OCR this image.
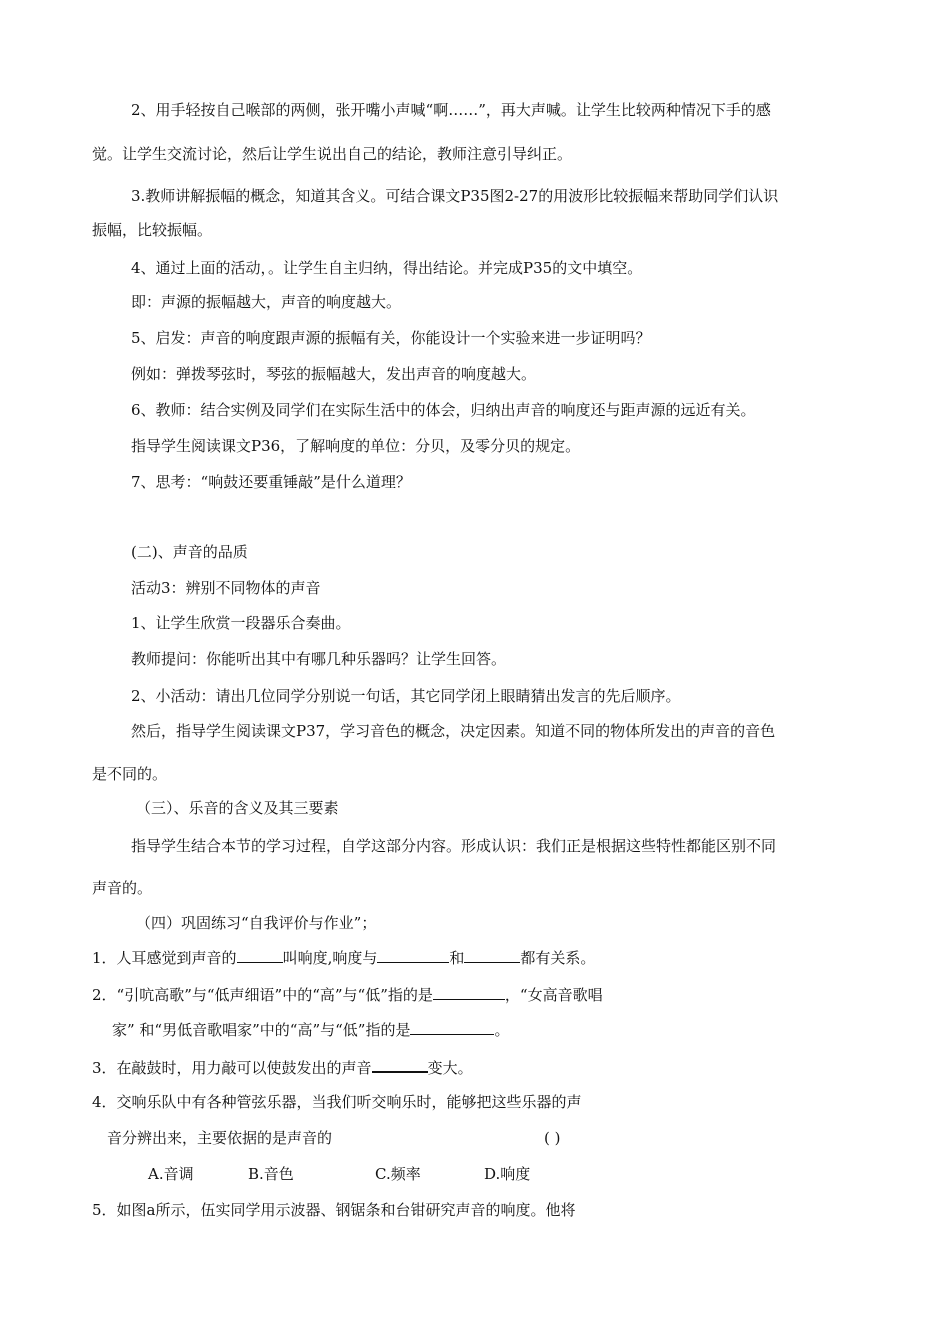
2、用手轻按自己喉部的两侧，张开嘴小声喊“啊……”，再大声喊。让学生比较两种情况下手的感
觉。让学生交流讨论，然后让学生说出自己的结论，教师注意引导纠正。
3.教师讲解振幅的概念，知道其含义。可结合课文P35图2-27的用波形比较振幅来帮助同学们认识
振幅，比较振幅。
4、通过上面的活动，。让学生自主归纳，得出结论。并完成P35的文中填空。
即：声源的振幅越大，声音的响度越大。
5、启发：声音的响度跟声源的振幅有关，你能设计一个实验来进一步证明吗？
例如：弹拨琴弦时，琴弦的振幅越大，发出声音的响度越大。
6、教师：结合实例及同学们在实际生活中的体会，归纳出声音的响度还与距声源的远近有关。
指导学生阅读课文P36，了解响度的单位：分贝，及零分贝的规定。
7、思考：“响鼓还要重锤敲”是什么道理？
(二)、声音的品质
活动3：辨别不同物体的声音
1、让学生欣赏一段器乐合奏曲。
教师提问：你能听出其中有哪几种乐器吗？让学生回答。
2、小活动：请出几位同学分别说一句话，其它同学闭上眼睛猜出发言的先后顺序。
然后，指导学生阅读课文P37，学习音色的概念，决定因素。知道不同的物体所发出的声音的音色
是不同的。
（三）、乐音的含义及其三要素
指导学生结合本节的学习过程，自学这部分内容。形成认识：我们正是根据这些特性都能区别不同
声音的。
（四）巩固练习“自我评价与作业”；
1．人耳感觉到声音的	叫响度,响度与	和	都有关系。
2．“引吭高歌”与“低声细语”中的“高”与“低”指的是	，“女高音歌唱
家” 和“男低音歌唱家”中的“高”与“低”指的是	。
3．在敲鼓时，用力敲可以使鼓发出的声音	变大。
4．交响乐队中有各种管弦乐器，当我们听交响乐时，能够把这些乐器的声
音分辨出来，主要依据的是声音的	( )
A.音调	B.音色	C.频率	D.响度
5．如图a所示，伍实同学用示波器、钢锯条和台钳研究声音的响度。他将
